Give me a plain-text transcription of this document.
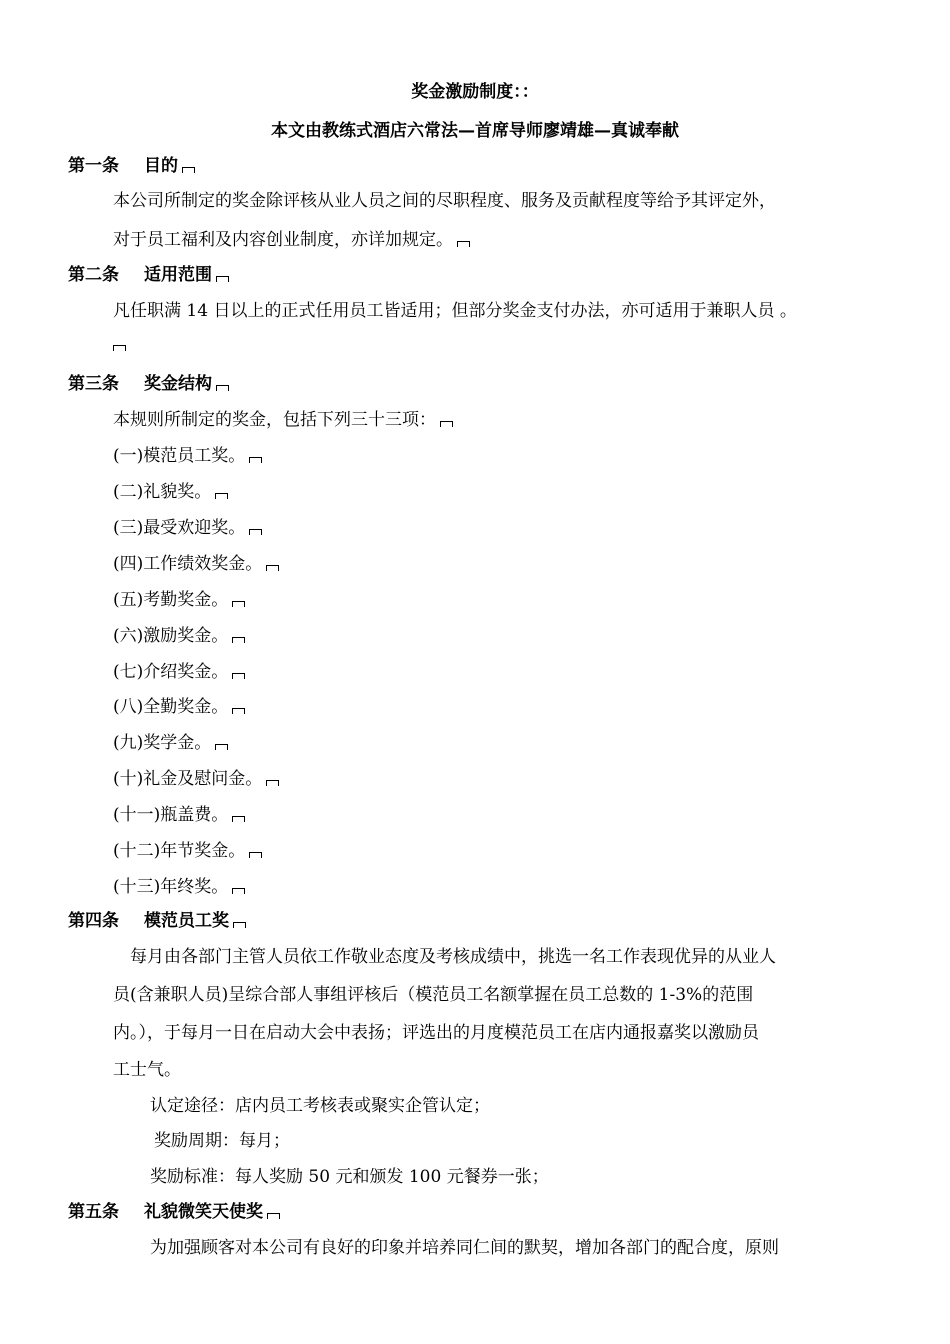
奖金激励制度：：
本文由教练式酒店六常法—首席导师廖靖雄—真诚奉献
第一条 目的
本公司所制定的奖金除评核从业人员之间的尽职程度、服务及贡献程度等给予其评定外，
对于员工福利及内容创业制度，亦详加规定。
第二条 适用范围
凡任职满 14 日以上的正式任用员工皆适用；但部分奖金支付办法，亦可适用于兼职人员 。
第三条 奖金结构
本规则所制定的奖金，包括下列三十三项：
(一)模范员工奖。
(二)礼貌奖。
(三)最受欢迎奖。
(四)工作绩效奖金。
(五)考勤奖金。
(六)激励奖金。
(七)介绍奖金。
(八)全勤奖金。
(九)奖学金。
(十)礼金及慰问金。
(十一)瓶盖费。
(十二)年节奖金。
(十三)年终奖。
第四条 模范员工奖
每月由各部门主管人员依工作敬业态度及考核成绩中，挑选一名工作表现优异的从业人
员(含兼职人员)呈综合部人事组评核后（模范员工名额掌握在员工总数的 1-3%的范围
内。），于每月一日在启动大会中表扬；评选出的月度模范员工在店内通报嘉奖以激励员
工士气。
认定途径：店内员工考核表或聚实企管认定；
奖励周期：每月；
奖励标准：每人奖励 50 元和颁发 100 元餐券一张；
第五条 礼貌微笑天使奖
为加强顾客对本公司有良好的印象并培养同仁间的默契，增加各部门的配合度，原则
